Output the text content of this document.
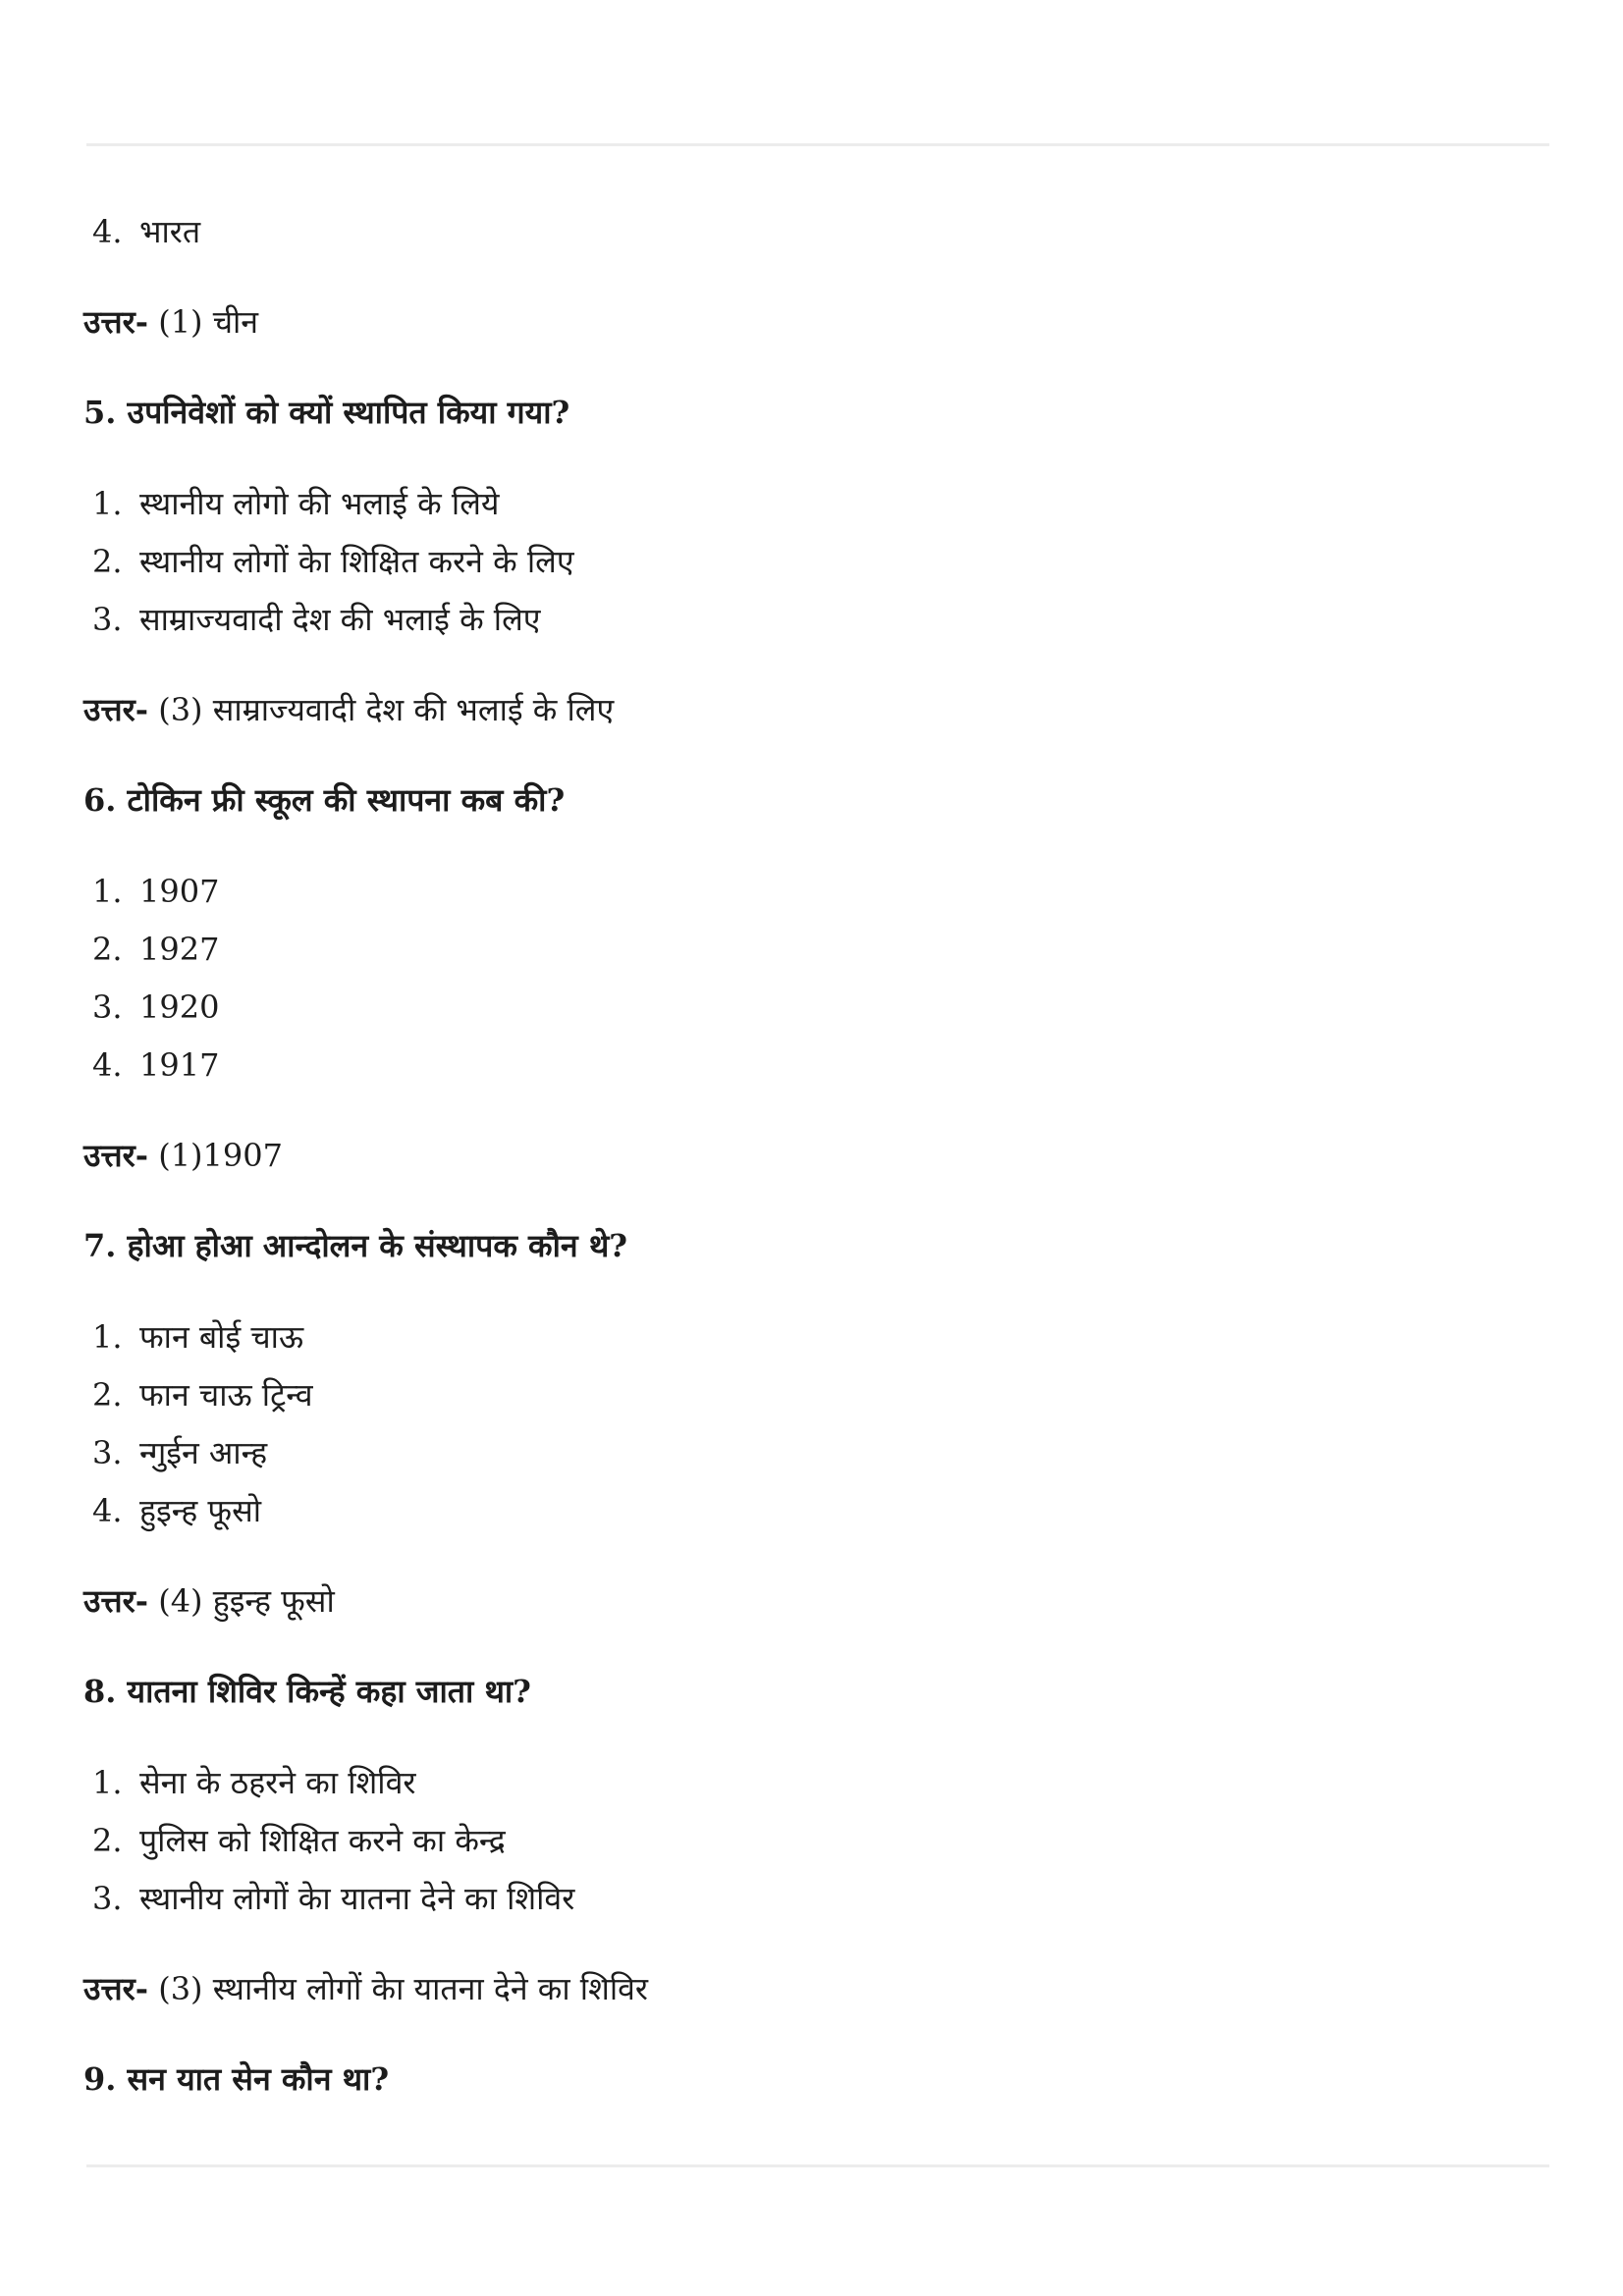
4. भारत
उत्तर- (1) चीन
5. उपनिवेशों को क्यों स्थापित किया गया?
1. स्थानीय लोगो की भलाई के लिये
2. स्थानीय लोगों केा शिक्षित करने के लिए
3. साम्राज्यवादी देश की भलाई के लिए
उत्तर- (3) साम्राज्यवादी देश की भलाई के लिए
6. टोकिन फ्री स्कूल की स्थापना कब की?
1. 1907
2. 1927
3. 1920
4. 1917
उत्तर- (1)1907
7. होआ होआ आन्दोलन के संस्थापक कौन थे?
1. फान बोई चाऊ
2. फान चाऊ ट्रिन्व
3. न्गुईन आन्ह
4. हुइन्ह फूसो
उत्तर- (4) हुइन्ह फूसो
8. यातना शिविर किन्हें कहा जाता था?
1. सेना के ठहरने का शिविर
2. पुलिस को शिक्षित करने का केन्द्र
3. स्थानीय लोगों केा यातना देने का शिविर
उत्तर- (3) स्थानीय लोगों केा यातना देने का शिविर
9. सन यात सेन कौन था?
